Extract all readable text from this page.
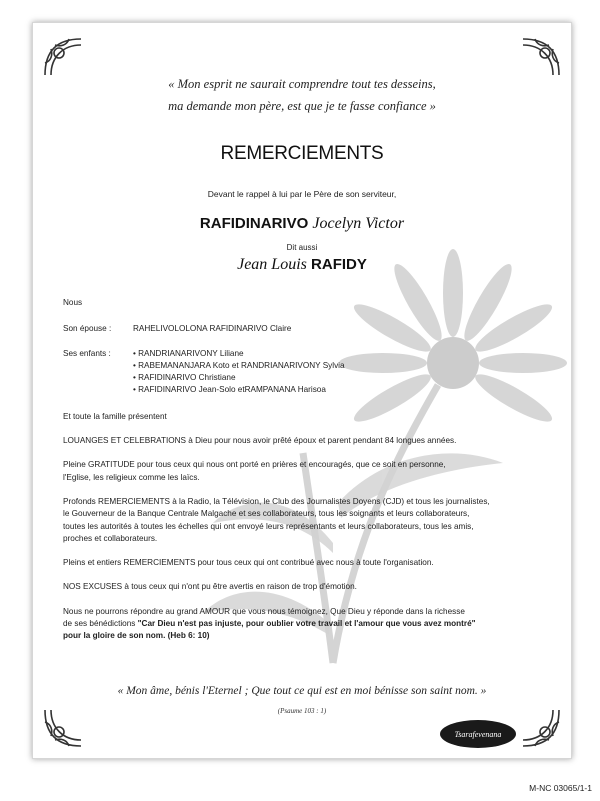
« Mon esprit ne saurait comprendre tout tes desseins,
ma demande mon père, est que je te fasse confiance »
REMERCIEMENTS
Devant le rappel à lui par le Père de son serviteur,
RAFIDINARIVO Jocelyn Victor
Dit aussi
Jean Louis RAFIDY

Nous

Son épouse :	RAHELIVOLOLONA RAFIDINARIVO Claire

Ses enfants :	• RANDRIANARIVONY Liliane
• RABEMANANJARA Koto et RANDRIANARIVONY Sylvia
• RAFIDINARIVO Christiane
• RAFIDINARIVO Jean-Solo etRAMPANANA Harisoa

Et toute la famille présentent

LOUANGES ET CELEBRATIONS à Dieu pour nous avoir prêté époux et parent pendant 84 longues années.

Pleine GRATITUDE pour tous ceux qui nous ont porté en prières et encouragés, que ce soit en personne,

l'Eglise, les religieux comme les laïcs.

Profonds REMERCIEMENTS à la Radio, la Télévision, le Club des Journalistes Doyens (CJD) et tous les journalistes,

le Gouverneur de la Banque Centrale Malgache et ses collaborateurs, tous les soignants et leurs collaborateurs,

toutes les autorités à toutes les échelles qui ont envoyé leurs représentants et leurs collaborateurs, tous les amis,

proches et collaborateurs.

Pleins et entiers REMERCIEMENTS pour tous ceux qui ont contribué avec nous à toute l'organisation.

NOS EXCUSES à tous ceux qui n'ont pu être avertis en raison de trop d'émotion.

Nous ne pourrons répondre au grand AMOUR que vous nous témoignez, Que Dieu y réponde dans la richesse

de ses bénédictions "Car Dieu n'est pas injuste, pour oublier votre travail et l'amour que vous avez montré"

pour la gloire de son nom. (Heb 6: 10)

« Mon âme, bénis l'Eternel ; Que tout ce qui est en moi bénisse son saint nom. »
(Psaume 103 : 1)
Tsarafevenana
M-NC 03065/1-1
